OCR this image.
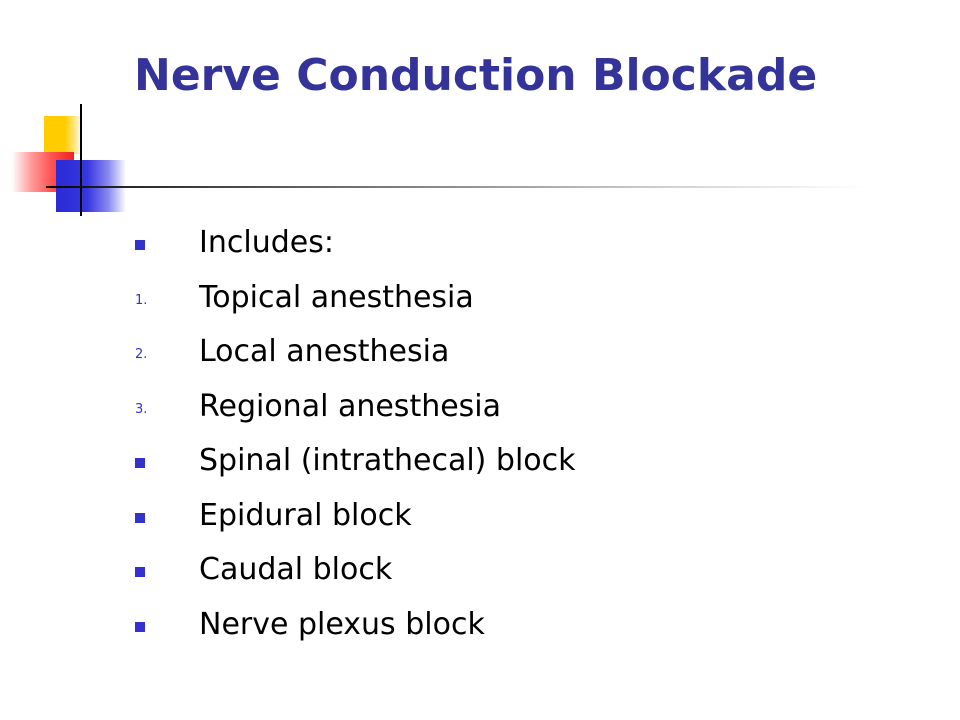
Nerve Conduction Blockade
Includes:
1. Topical anesthesia
2. Local anesthesia
3. Regional anesthesia
Spinal (intrathecal) block
Epidural block
Caudal block
Nerve plexus block
